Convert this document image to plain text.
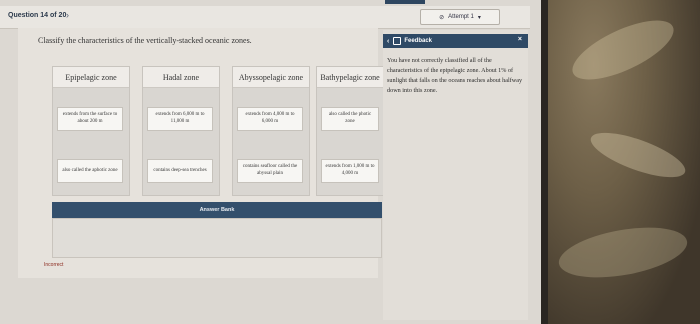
Question 14 of 20 ›	⊘ Attempt 1 ▾
Classify the characteristics of the vertically-stacked oceanic zones.
Epipelagic zone
extends from the surface to about 200 m
also called the aphotic zone
Hadal zone
extends from 6,000 m to 11,000 m
contains deep-sea trenches
Abyssopelagic zone
extends from 4,000 m to 6,000 m
contains seafloor called the abyssal plain
Bathypelagic zone
also called the photic zone
extends from 1,000 m to 4,000 m
Answer Bank
Incorrect
‹	Feedback	×
You have not correctly classified all of the characteristics of the epipelagic zone. About 1% of sunlight that falls on the oceans reaches about halfway down into this zone.
